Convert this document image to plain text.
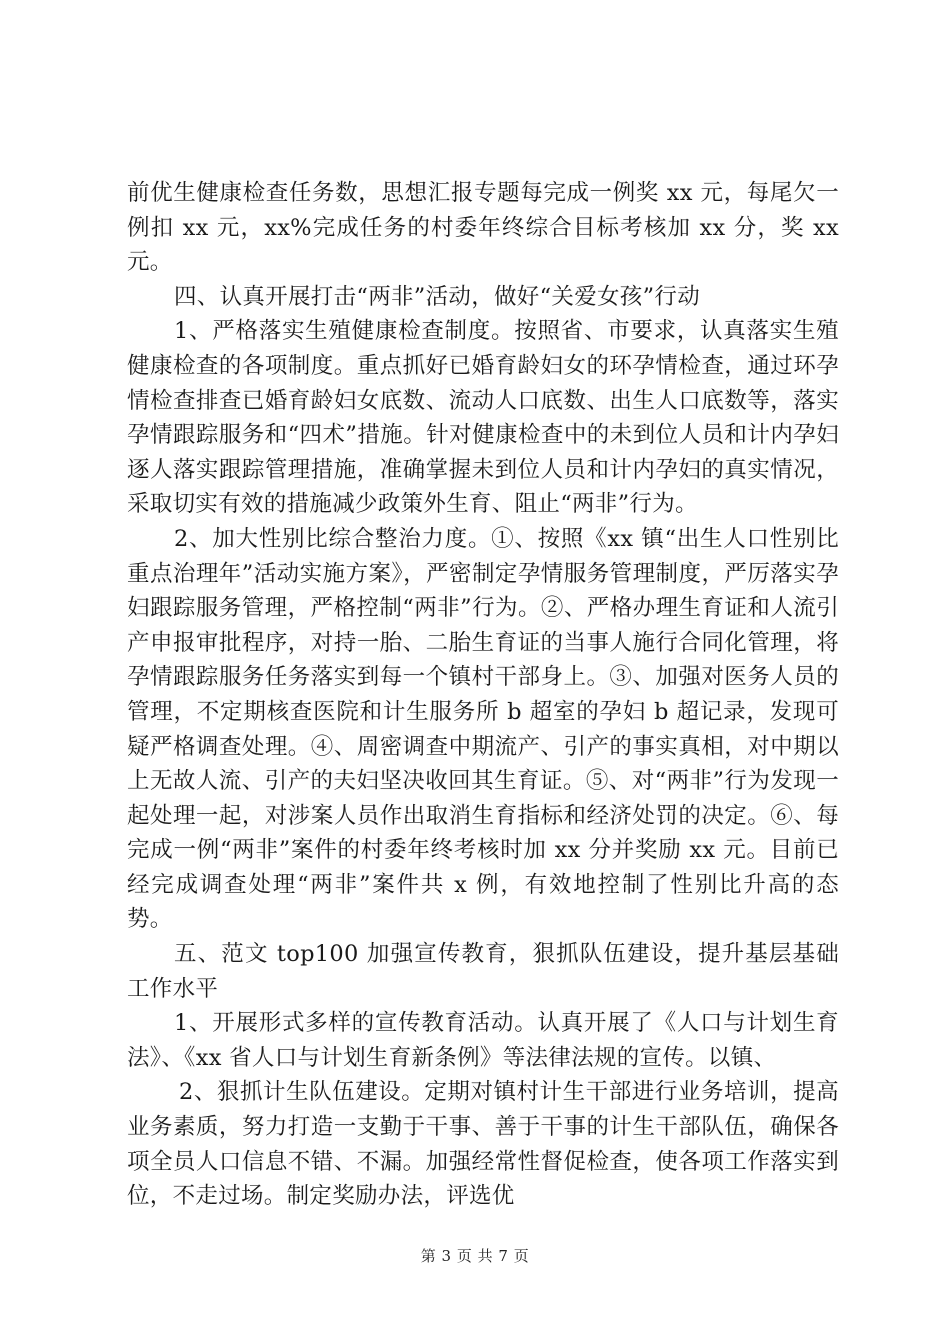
前优生健康检查任务数，思想汇报专题每完成一例奖 xx 元，每尾欠一例扣 xx 元，xx%完成任务的村委年终综合目标考核加 xx 分，奖 xx 元。

四、认真开展打击“两非”活动，做好“关爱女孩”行动

1、严格落实生殖健康检查制度。按照省、市要求，认真落实生殖健康检查的各项制度。重点抓好已婚育龄妇女的环孕情检查，通过环孕情检查排查已婚育龄妇女底数、流动人口底数、出生人口底数等，落实孕情跟踪服务和“四术”措施。针对健康检查中的未到位人员和计内孕妇逐人落实跟踪管理措施，准确掌握未到位人员和计内孕妇的真实情况，采取切实有效的措施减少政策外生育、阻止“两非”行为。

2、加大性别比综合整治力度。①、按照《xx 镇“出生人口性别比重点治理年”活动实施方案》，严密制定孕情服务管理制度，严厉落实孕妇跟踪服务管理，严格控制“两非”行为。②、严格办理生育证和人流引产申报审批程序，对持一胎、二胎生育证的当事人施行合同化管理，将孕情跟踪服务任务落实到每一个镇村干部身上。③、加强对医务人员的管理，不定期核查医院和计生服务所 b 超室的孕妇 b 超记录，发现可疑严格调查处理。④、周密调查中期流产、引产的事实真相，对中期以上无故人流、引产的夫妇坚决收回其生育证。⑤、对“两非”行为发现一起处理一起，对涉案人员作出取消生育指标和经济处罚的决定。⑥、每完成一例“两非”案件的村委年终考核时加 xx 分并奖励 xx 元。目前已经完成调查处理“两非”案件共 x 例，有效地控制了性别比升高的态势。

五、范文 top100 加强宣传教育，狠抓队伍建设，提升基层基础工作水平

1、开展形式多样的宣传教育活动。认真开展了《人口与计划生育法》、《xx 省人口与计划生育新条例》等法律法规的宣传。以镇、

2、狠抓计生队伍建设。定期对镇村计生干部进行业务培训，提高业务素质，努力打造一支勤于干事、善于干事的计生干部队伍，确保各项全员人口信息不错、不漏。加强经常性督促检查，使各项工作落实到位，不走过场。制定奖励办法，评选优

第 3 页 共 7 页
